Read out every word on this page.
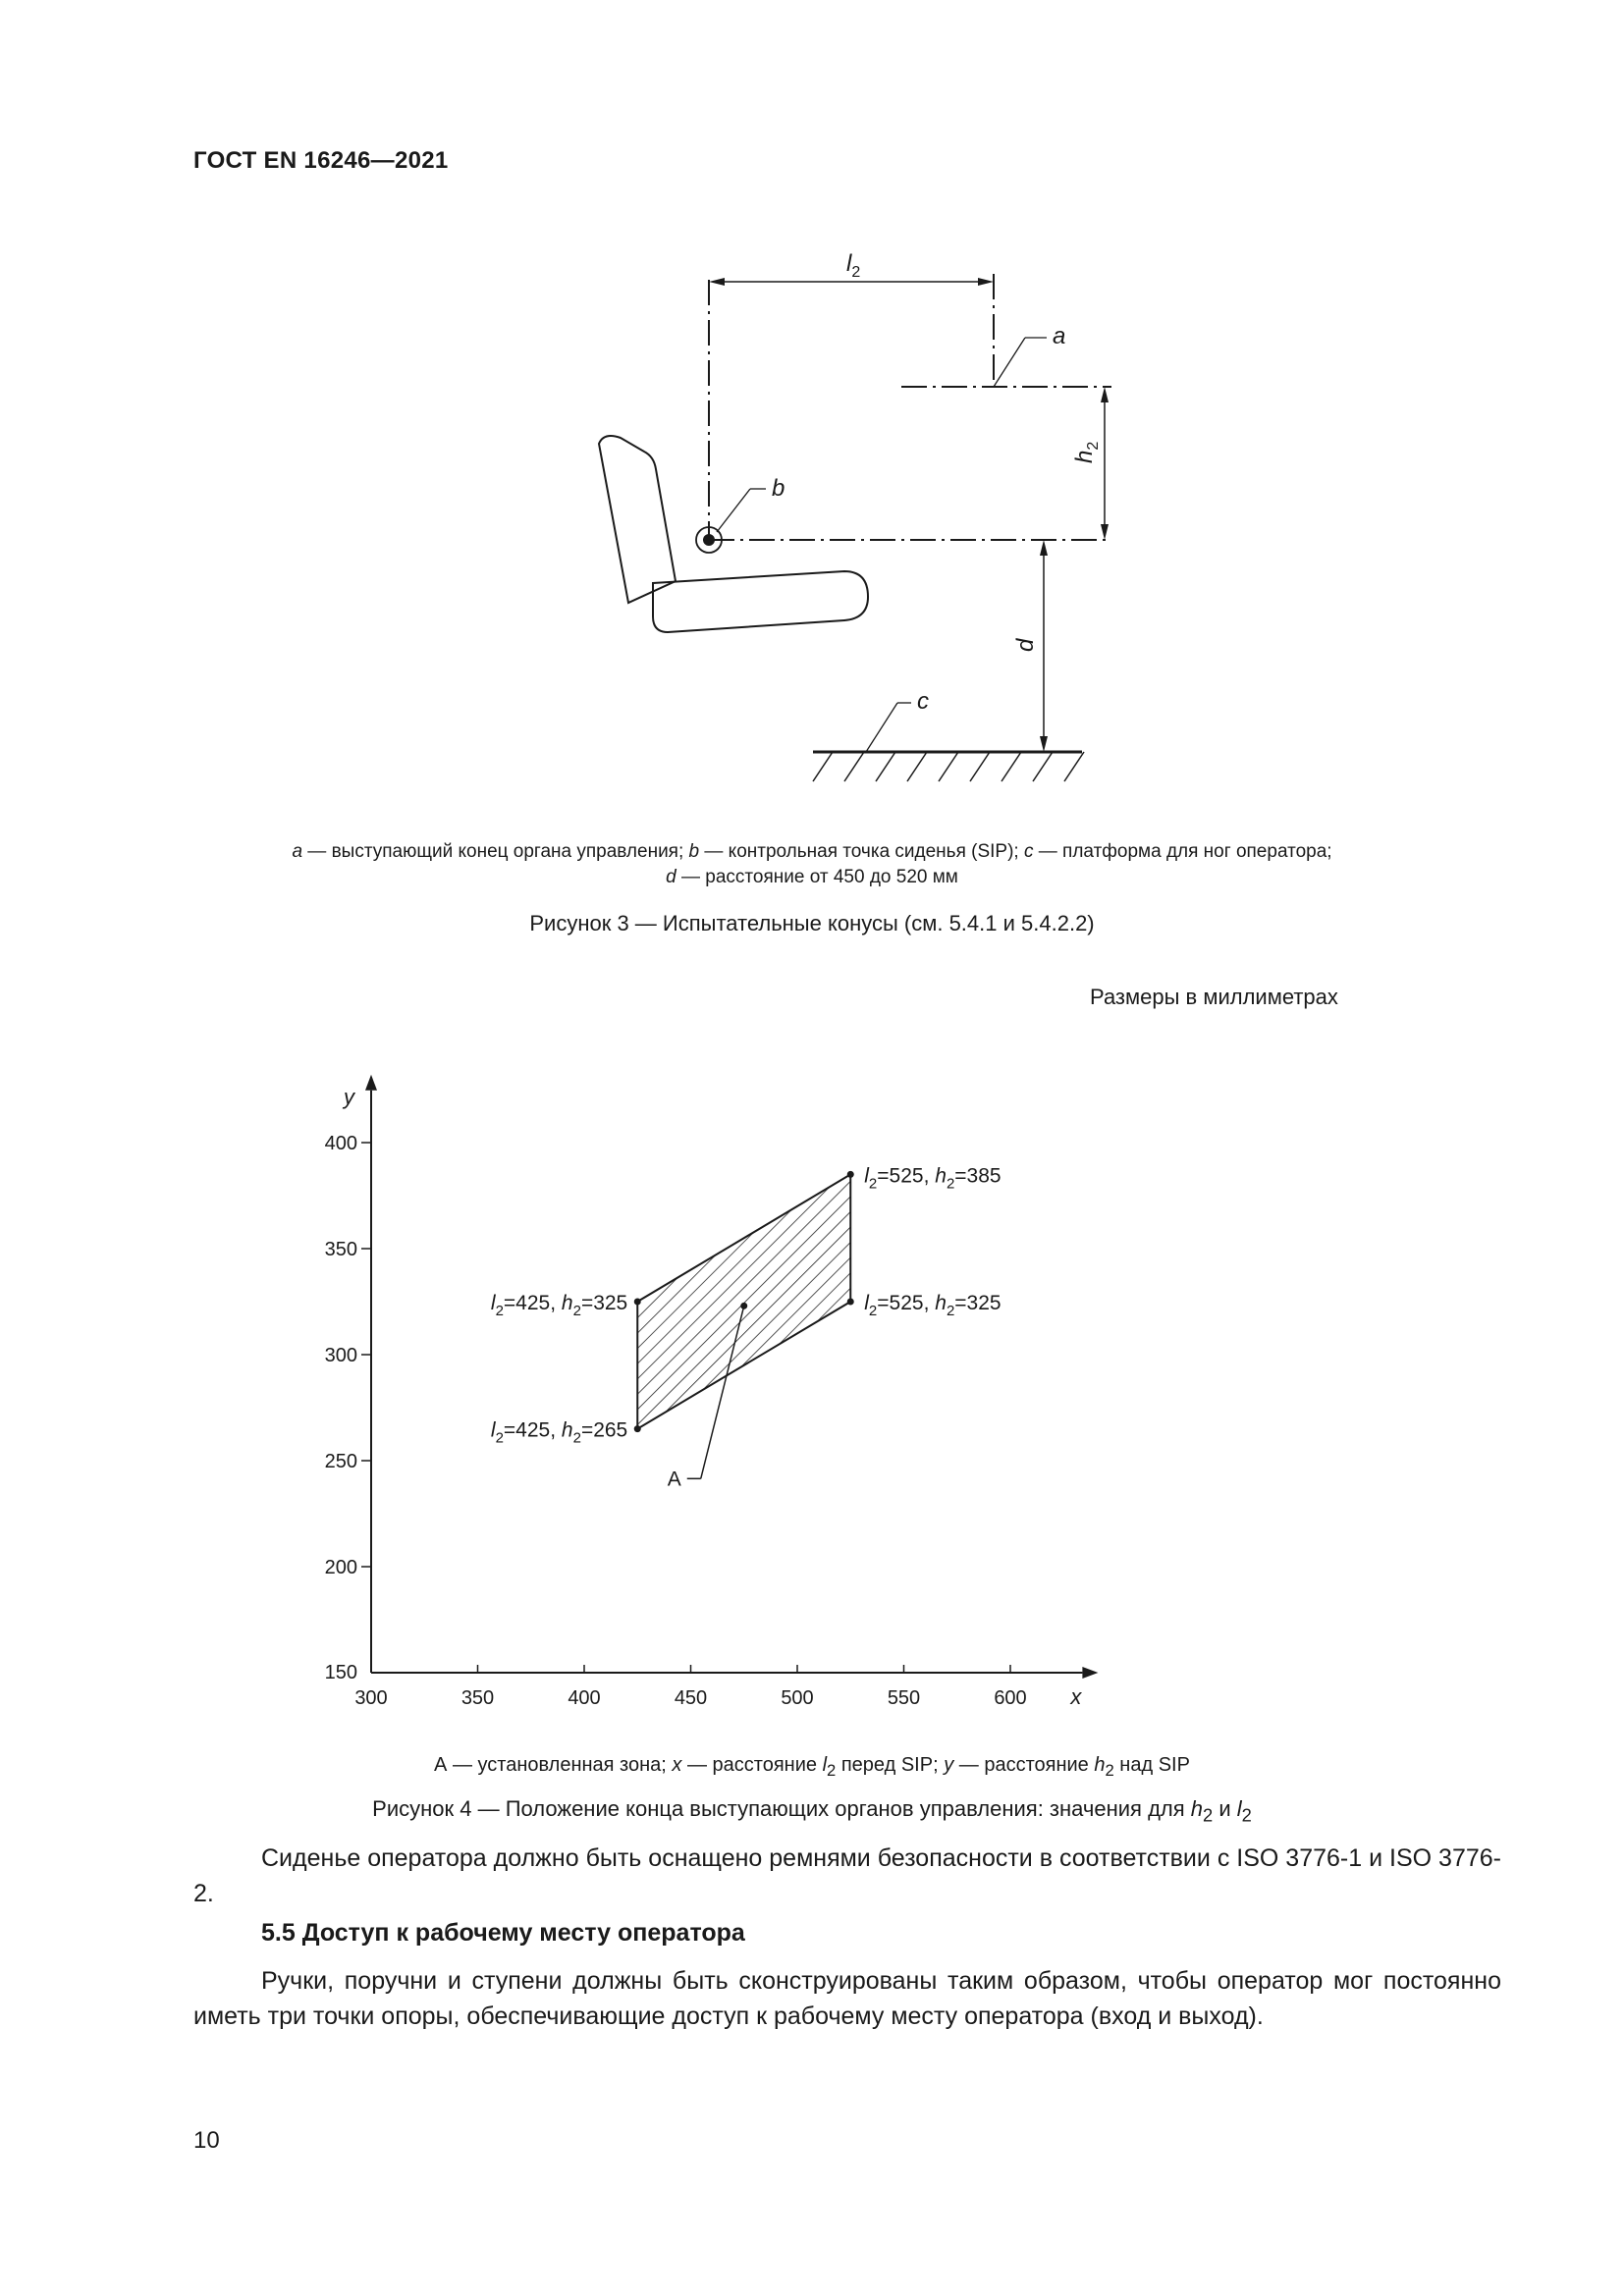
ГОСТ EN 16246—2021
$l_2$
$h_2$
d
a
b
c
a — выступающий конец органа управления; b — контрольная точка сиденья (SIP); c — платформа для ног оператора;
d — расстояние от 450 до 520 мм
Рисунок 3 — Испытательные конусы (см. 5.4.1 и 5.4.2.2)
Размеры в миллиметрах
x
y
300	350	400	450	500	550	600
150
200
250
300
350
400
$l_2=425$, $h_2=265$
$l_2=425$, $h_2=325$
$l_2=525$, $h_2=385$
$l_2=525$, $h_2=325$
A
А — установленная зона; x — расстояние $l_2$ перед SIP; y — расстояние $h_2$ над SIP
Рисунок 4 — Положение конца выступающих органов управления: значения для $h_2$ и $l_2$
Сиденье оператора должно быть оснащено ремнями безопасности в соответствии с ISO 3776-1 и ISO 3776-2.
5.5 Доступ к рабочему месту оператора
Ручки, поручни и ступени должны быть сконструированы таким образом, чтобы оператор мог постоянно иметь три точки опоры, обеспечивающие доступ к рабочему месту оператора (вход и выход).
10
